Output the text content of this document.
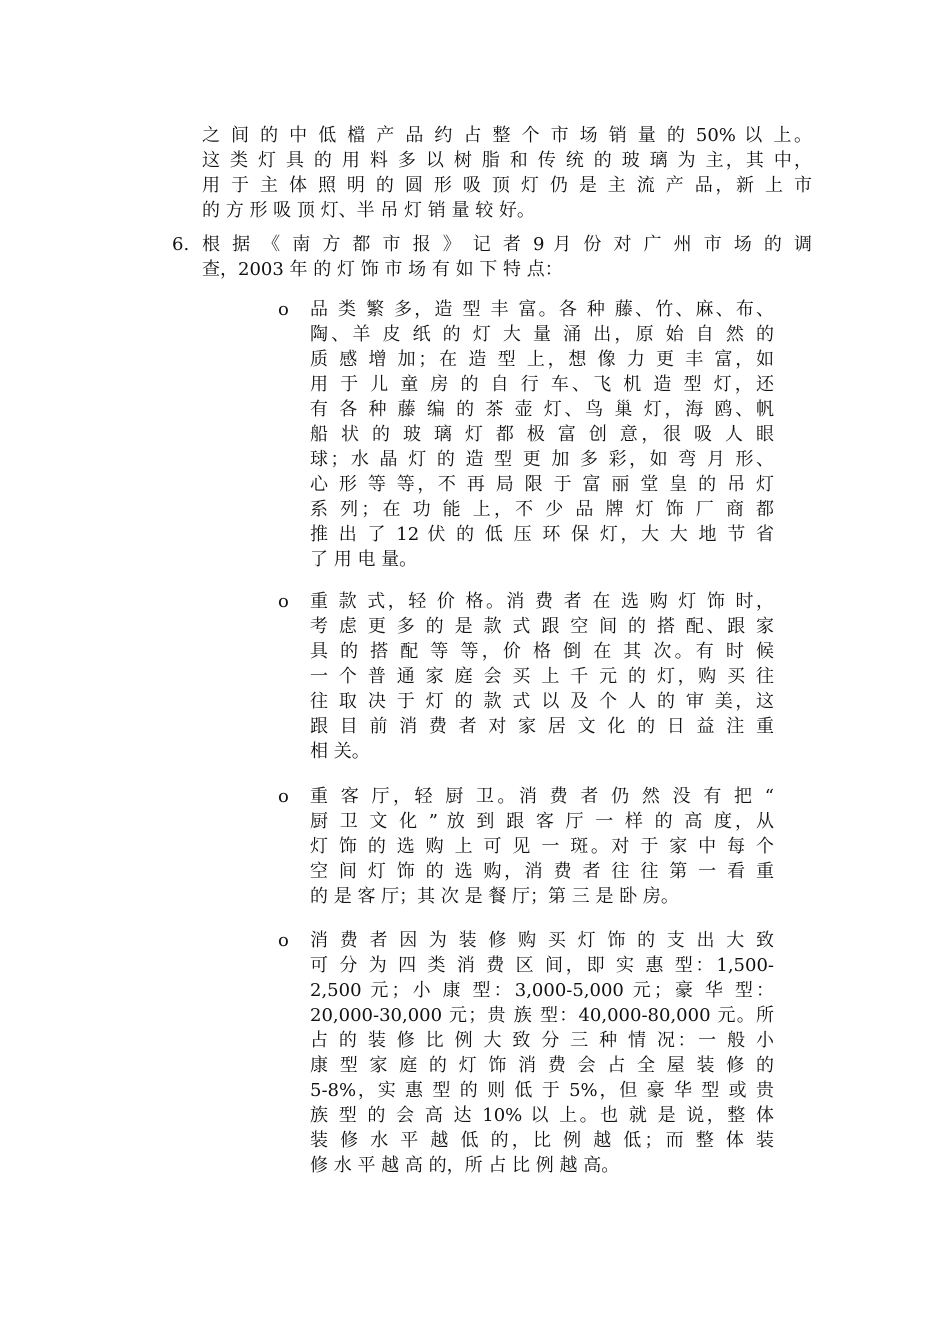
之 间 的 中 低 檔 产 品 约 占 整 个 市 场 销 量 的 50% 以 上。
这 类 灯 具 的 用 料 多 以 树 脂 和 传 统 的 玻 璃 为 主，其 中，
用 于 主 体 照 明 的 圆 形 吸 顶 灯 仍 是 主 流 产 品，新 上 市
的 方 形 吸 顶 灯、半 吊 灯 销 量 较 好。
6. 根 据 《 南 方 都 市 报 》 记 者 9 月 份 对 广 州 市 场 的 调
查，2003 年 的 灯 饰 市 场 有 如 下 特 点：
o 品 类 繁 多，造 型 丰 富。各 种 藤、竹、麻、布、
陶、羊 皮 纸 的 灯 大 量 涌 出，原 始 自 然 的
质 感 增 加；在 造 型 上，想 像 力 更 丰 富，如
用 于 儿 童 房 的 自 行 车、飞 机 造 型 灯，还
有 各 种 藤 编 的 茶 壶 灯、鸟 巢 灯，海 鸥、帆
船 状 的 玻 璃 灯 都 极 富 创 意，很 吸 人 眼
球；水 晶 灯 的 造 型 更 加 多 彩，如 弯 月 形、
心 形 等 等，不 再 局 限 于 富 丽 堂 皇 的 吊 灯
系 列；在 功 能 上，不 少 品 牌 灯 饰 厂 商 都
推 出 了 12 伏 的 低 压 环 保 灯，大 大 地 节 省
了 用 电 量。
o 重 款 式，轻 价 格。消 费 者 在 选 购 灯 饰 时，
考 虑 更 多 的 是 款 式 跟 空 间 的 搭 配、跟 家
具 的 搭 配 等 等，价 格 倒 在 其 次。有 时 候
一 个 普 通 家 庭 会 买 上 千 元 的 灯，购 买 往
往 取 决 于 灯 的 款 式 以 及 个 人 的 审 美，这
跟 目 前 消 费 者 对 家 居 文 化 的 日 益 注 重
相 关。
o 重 客 厅，轻 厨 卫。消 费 者 仍 然 没 有 把 “
厨 卫 文 化 ” 放 到 跟 客 厅 一 样 的 高 度，从
灯 饰 的 选 购 上 可 见 一 斑。对 于 家 中 每 个
空 间 灯 饰 的 选 购，消 费 者 往 往 第 一 看 重
的 是 客 厅；其 次 是 餐 厅；第 三 是 卧 房。
o 消 费 者 因 为 装 修 购 买 灯 饰 的 支 出 大 致
可 分 为 四 类 消 费 区 间，即 实 惠 型：1,500-
2,500 元；小 康 型：3,000-5,000 元；豪 华 型：
20,000-30,000 元；贵 族 型：40,000-80,000 元。所
占 的 装 修 比 例 大 致 分 三 种 情 况：一 般 小
康 型 家 庭 的 灯 饰 消 费 会 占 全 屋 装 修 的
5-8%，实 惠 型 的 则 低 于 5%，但 豪 华 型 或 贵
族 型 的 会 高 达 10% 以 上。也 就 是 说，整 体
装 修 水 平 越 低 的，比 例 越 低；而 整 体 装
修 水 平 越 高 的，所 占 比 例 越 高。
